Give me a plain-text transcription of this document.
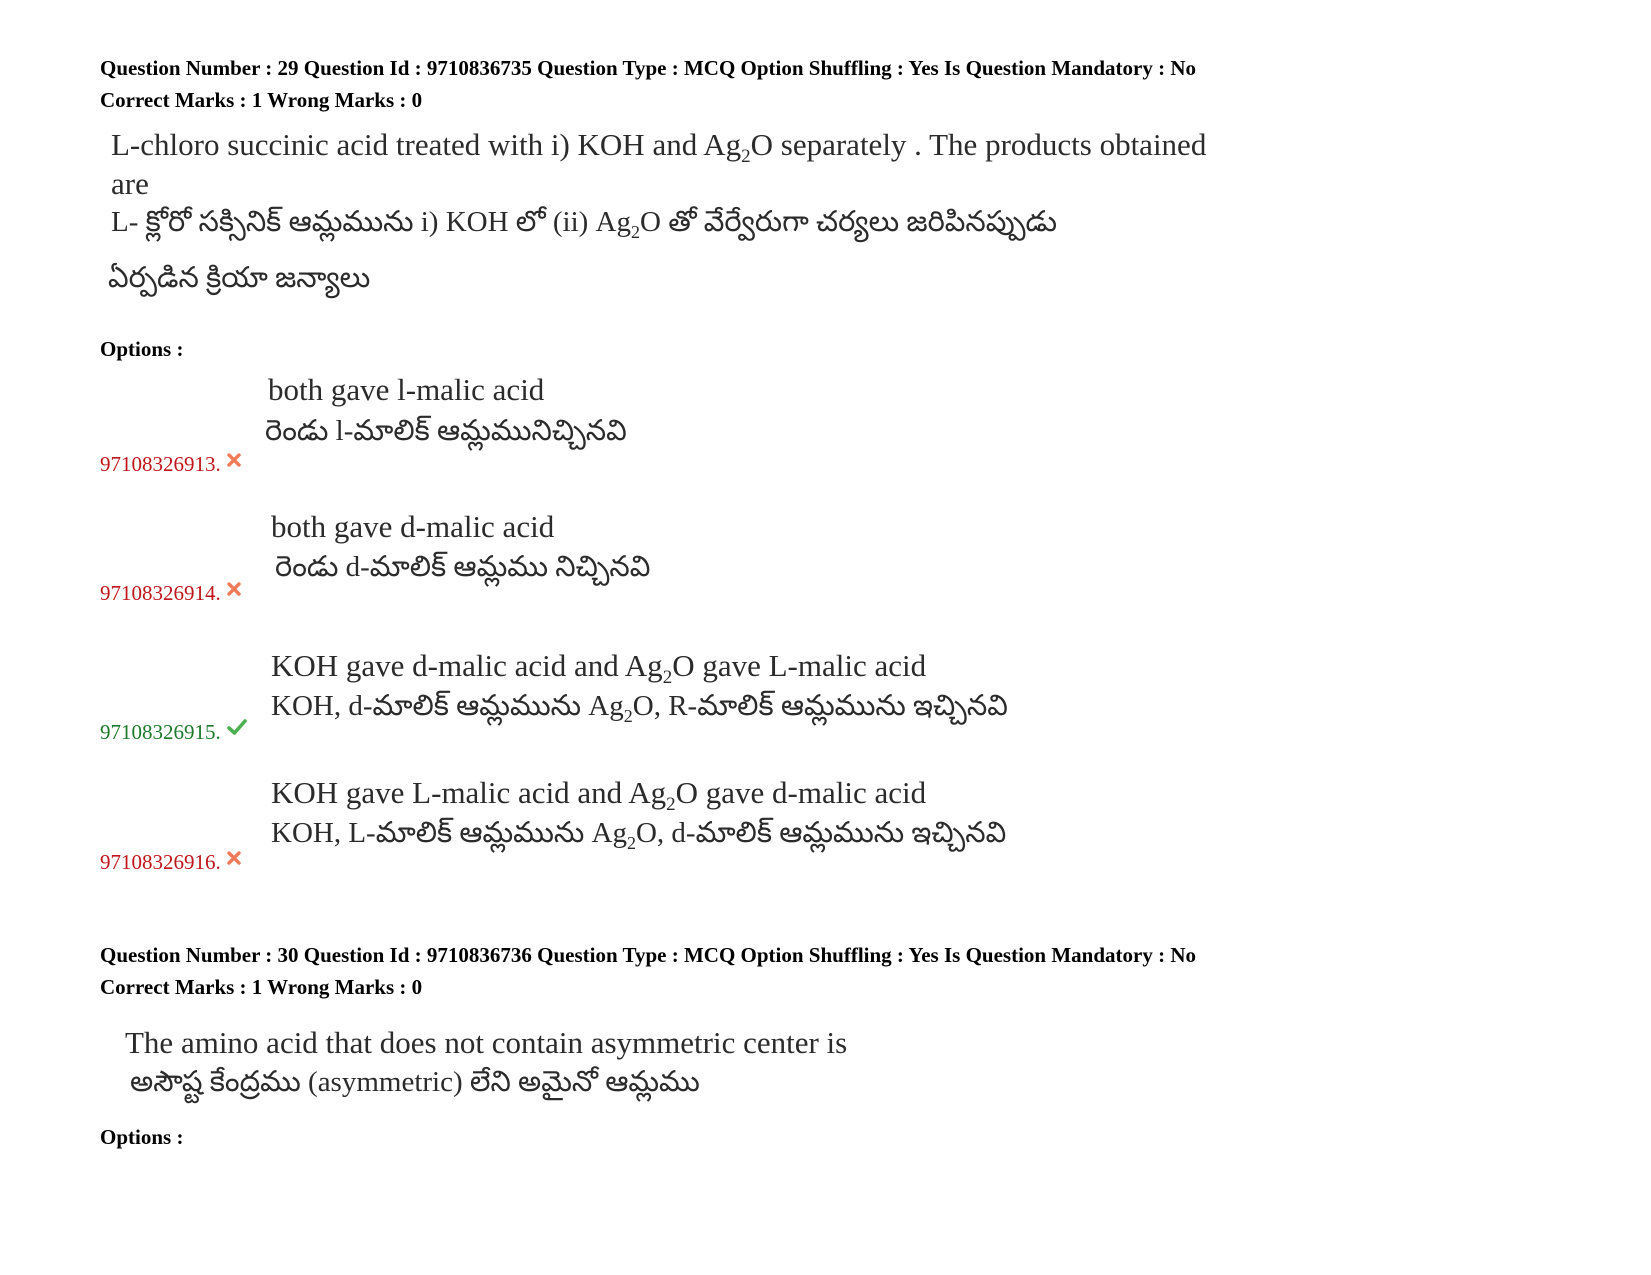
Question Number : 29 Question Id : 9710836735 Question Type : MCQ Option Shuffling : Yes Is Question Mandatory : No
Correct Marks : 1 Wrong Marks : 0
L-chloro succinic acid treated with i) KOH and $Ag_2O$ separately . The products obtained
are
L- క్లోరో సక్సినిక్ ఆమ్లమును i) KOH లో (ii) $Ag_2O$ తో వేర్వేరుగా చర్యలు జరిపినప్పుడు
ఏర్పడిన క్రియా జన్యాలు
Options :
both gave l-malic acid
రెండు l-మాలిక్ ఆమ్లమునిచ్చినవి
97108326913.
both gave d-malic acid
రెండు d-మాలిక్ ఆమ్లము నిచ్చినవి
97108326914.
KOH gave d-malic acid and $Ag_2O$ gave L-malic acid
KOH, d-మాలిక్ ఆమ్లమును $Ag_2O$, R-మాలిక్ ఆమ్లమును ఇచ్చినవి
97108326915.
KOH gave L-malic acid and $Ag_2O$ gave d-malic acid
KOH, L-మాలిక్ ఆమ్లమును $Ag_2O$, d-మాలిక్ ఆమ్లమును ఇచ్చినవి
97108326916.
Question Number : 30 Question Id : 9710836736 Question Type : MCQ Option Shuffling : Yes Is Question Mandatory : No
Correct Marks : 1 Wrong Marks : 0
The amino acid that does not contain asymmetric center is
అసౌష్ట కేంద్రము (asymmetric) లేని అమైనో ఆమ్లము
Options :
